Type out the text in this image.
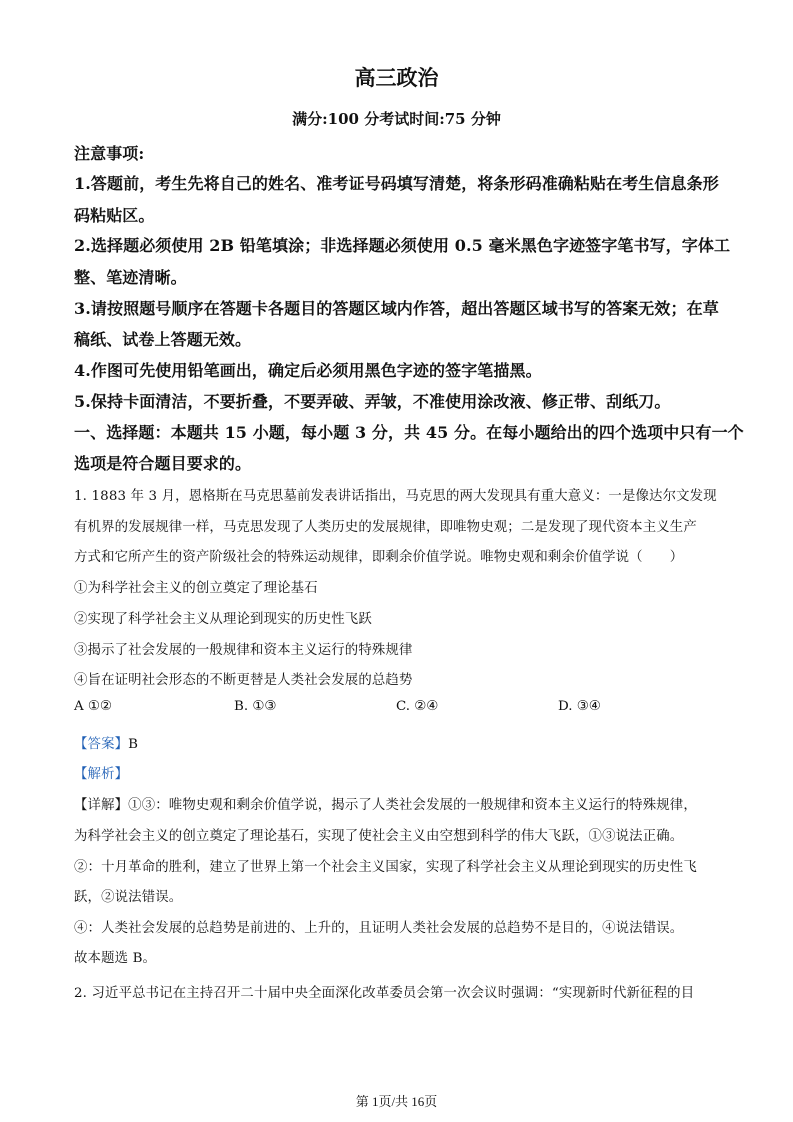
高三政治
满分:100 分考试时间:75 分钟
注意事项:
1.答题前，考生先将自己的姓名、准考证号码填写清楚，将条形码准确粘贴在考生信息条形
码粘贴区。
2.选择题必须使用 2B 铅笔填涂；非选择题必须使用 0.5 毫米黑色字迹签字笔书写，字体工
整、笔迹清晰。
3.请按照题号顺序在答题卡各题目的答题区域内作答，超出答题区域书写的答案无效；在草
稿纸、试卷上答题无效。
4.作图可先使用铅笔画出，确定后必须用黑色字迹的签字笔描黑。
5.保持卡面清洁，不要折叠，不要弄破、弄皱，不准使用涂改液、修正带、刮纸刀。
一、选择题：本题共 15 小题，每小题 3 分，共 45 分。在每小题给出的四个选项中只有一个
选项是符合题目要求的。
1. 1883 年 3 月，恩格斯在马克思墓前发表讲话指出，马克思的两大发现具有重大意义：一是像达尔文发现
有机界的发展规律一样，马克思发现了人类历史的发展规律，即唯物史观；二是发现了现代资本主义生产
方式和它所产生的资产阶级社会的特殊运动规律，即剩余价值学说。唯物史观和剩余价值学说（　　）
①为科学社会主义的创立奠定了理论基石
②实现了科学社会主义从理论到现实的历史性飞跃
③揭示了社会发展的一般规律和资本主义运行的特殊规律
④旨在证明社会形态的不断更替是人类社会发展的总趋势
A ①②	B. ①③	C. ②④	D. ③④
【答案】B
【解析】
【详解】①③：唯物史观和剩余价值学说，揭示了人类社会发展的一般规律和资本主义运行的特殊规律，
为科学社会主义的创立奠定了理论基石，实现了使社会主义由空想到科学的伟大飞跃，①③说法正确。
②：十月革命的胜利，建立了世界上第一个社会主义国家，实现了科学社会主义从理论到现实的历史性飞
跃，②说法错误。
④：人类社会发展的总趋势是前进的、上升的，且证明人类社会发展的总趋势不是目的，④说法错误。
故本题选 B。
2. 习近平总书记在主持召开二十届中央全面深化改革委员会第一次会议时强调：“实现新时代新征程的目
第 1页/共 16页
